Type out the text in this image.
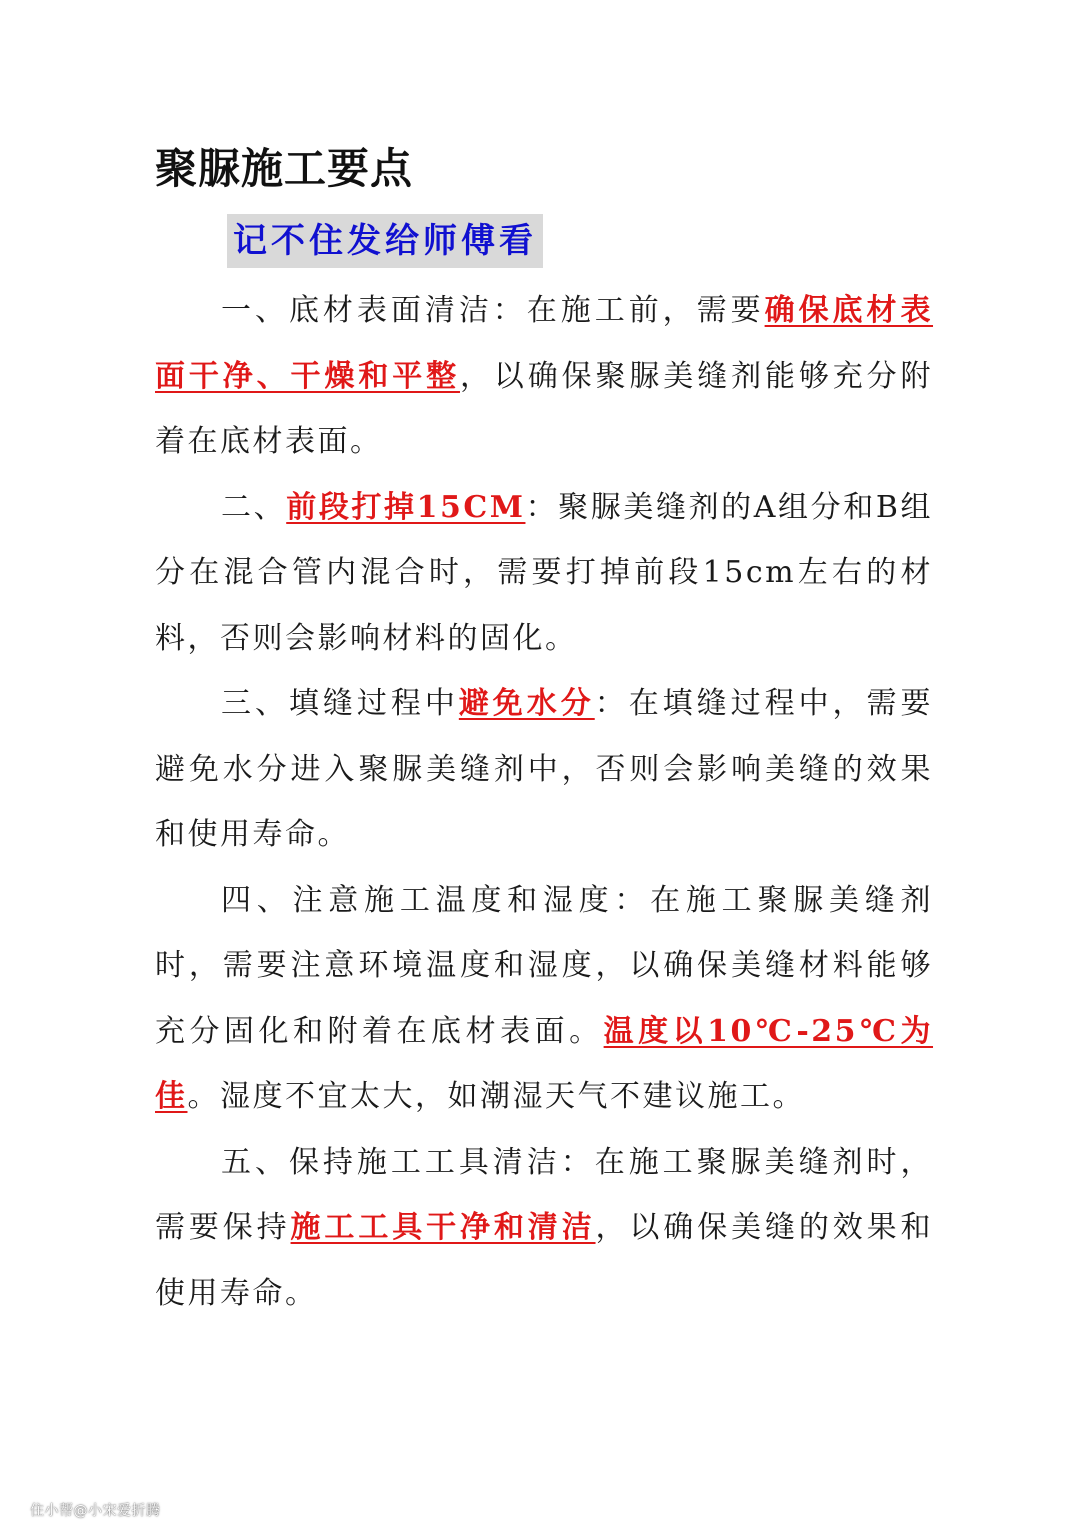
聚脲施工要点
记不住发给师傅看

一、底材表面清洁：在施工前，需要确保底材表面干净、干燥和平整，以确保聚脲美缝剂能够充分附着在底材表面。

二、前段打掉15CM：聚脲美缝剂的A组分和B组分在混合管内混合时，需要打掉前段15cm左右的材料，否则会影响材料的固化。

三、填缝过程中避免水分：在填缝过程中，需要避免水分进入聚脲美缝剂中，否则会影响美缝的效果和使用寿命。

四、注意施工温度和湿度：在施工聚脲美缝剂时，需要注意环境温度和湿度，以确保美缝材料能够充分固化和附着在底材表面。温度以10℃-25℃为佳。湿度不宜太大，如潮湿天气不建议施工。

五、保持施工工具清洁：在施工聚脲美缝剂时，需要保持施工工具干净和清洁，以确保美缝的效果和使用寿命。

住小帮@小宋爱折腾
